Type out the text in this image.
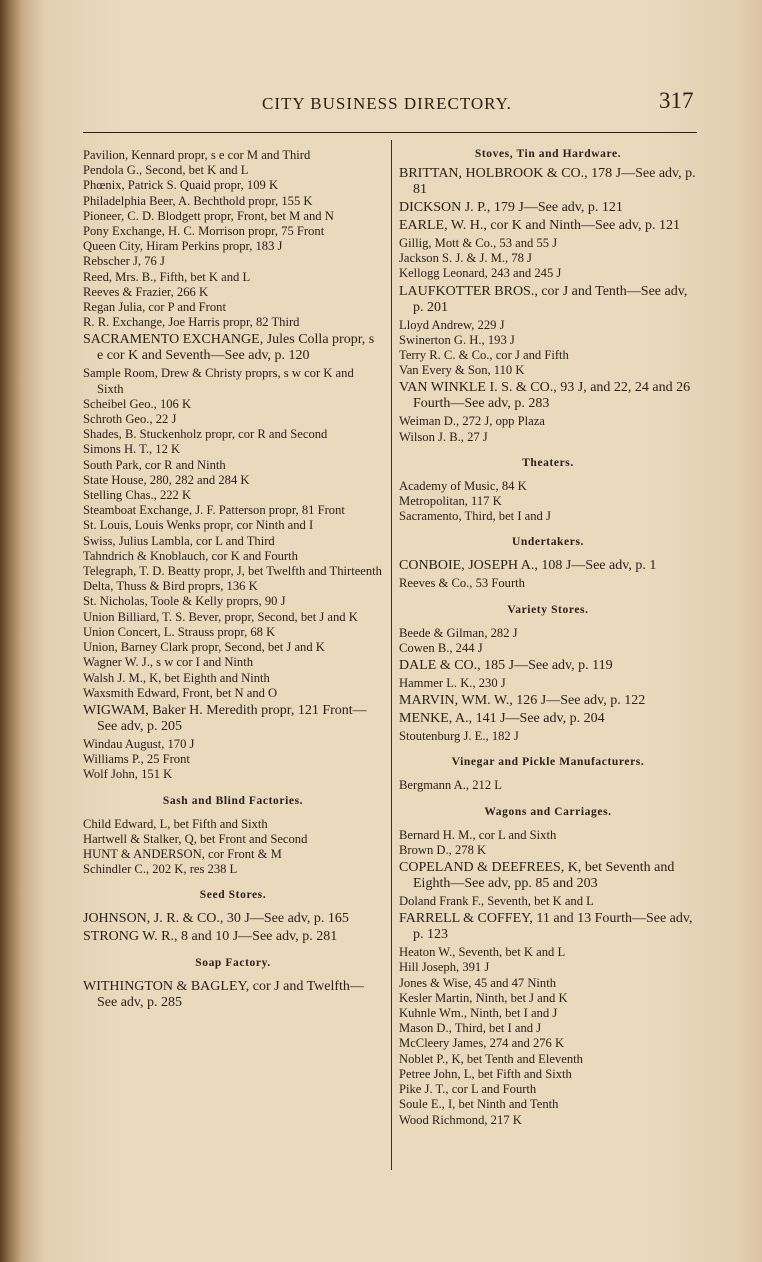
CITY BUSINESS DIRECTORY.	317
Pavilion, Kennard propr, s e cor M and Third
Pendola G., Second, bet K and L
Phœnix, Patrick S. Quaid propr, 109 K
Philadelphia Beer, A. Bechthold propr, 155 K
Pioneer, C. D. Blodgett propr, Front, bet M and N
Pony Exchange, H. C. Morrison propr, 75 Front
Queen City, Hiram Perkins propr, 183 J
Rebscher J, 76 J
Reed, Mrs. B., Fifth, bet K and L
Reeves & Frazier, 266 K
Regan Julia, cor P and Front
R. R. Exchange, Joe Harris propr, 82 Third
SACRAMENTO EXCHANGE, Jules Colla propr, s e cor K and Seventh—See adv, p. 120
Sample Room, Drew & Christy proprs, s w cor K and Sixth
Scheibel Geo., 106 K
Schroth Geo., 22 J
Shades, B. Stuckenholz propr, cor R and Second
Simons H. T., 12 K
South Park, cor R and Ninth
State House, 280, 282 and 284 K
Stelling Chas., 222 K
Steamboat Exchange, J. F. Patterson propr, 81 Front
St. Louis, Louis Wenks propr, cor Ninth and I
Swiss, Julius Lambla, cor L and Third
Tahndrich & Knoblauch, cor K and Fourth
Telegraph, T. D. Beatty propr, J, bet Twelfth and Thirteenth
Delta, Thuss & Bird proprs, 136 K
St. Nicholas, Toole & Kelly proprs, 90 J
Union Billiard, T. S. Bever, propr, Second, bet J and K
Union Concert, L. Strauss propr, 68 K
Union, Barney Clark propr, Second, bet J and K
Wagner W. J., s w cor I and Ninth
Walsh J. M., K, bet Eighth and Ninth
Waxsmith Edward, Front, bet N and O
WIGWAM, Baker H. Meredith propr, 121 Front—See adv, p. 205
Windau August, 170 J
Williams P., 25 Front
Wolf John, 151 K
Sash and Blind Factories.
Child Edward, L, bet Fifth and Sixth
Hartwell & Stalker, Q, bet Front and Second
HUNT & ANDERSON, cor Front & M
Schindler C., 202 K, res 238 L
Seed Stores.
JOHNSON, J. R. & CO., 30 J—See adv, p. 165
STRONG W. R., 8 and 10 J—See adv, p. 281
Soap Factory.
WITHINGTON & BAGLEY, cor J and Twelfth—See adv, p. 285
Stoves, Tin and Hardware.
BRITTAN, HOLBROOK & CO., 178 J—See adv, p. 81
DICKSON J. P., 179 J—See adv, p. 121
EARLE, W. H., cor K and Ninth—See adv, p. 121
Gillig, Mott & Co., 53 and 55 J
Jackson S. J. & J. M., 78 J
Kellogg Leonard, 243 and 245 J
LAUFKOTTER BROS., cor J and Tenth—See adv, p. 201
Lloyd Andrew, 229 J
Swinerton G. H., 193 J
Terry R. C. & Co., cor J and Fifth
Van Every & Son, 110 K
VAN WINKLE I. S. & CO., 93 J, and 22, 24 and 26 Fourth—See adv, p. 283
Weiman D., 272 J, opp Plaza
Wilson J. B., 27 J
Theaters.
Academy of Music, 84 K
Metropolitan, 117 K
Sacramento, Third, bet I and J
Undertakers.
CONBOIE, JOSEPH A., 108 J—See adv, p. 1
Reeves & Co., 53 Fourth
Variety Stores.
Beede & Gilman, 282 J
Cowen B., 244 J
DALE & CO., 185 J—See adv, p. 119
Hammer L. K., 230 J
MARVIN, WM. W., 126 J—See adv, p. 122
MENKE, A., 141 J—See adv, p. 204
Stoutenburg J. E., 182 J
Vinegar and Pickle Manufacturers.
Bergmann A., 212 L
Wagons and Carriages.
Bernard H. M., cor L and Sixth
Brown D., 278 K
COPELAND & DEEFREES, K, bet Seventh and Eighth—See adv, pp. 85 and 203
Doland Frank F., Seventh, bet K and L
FARRELL & COFFEY, 11 and 13 Fourth—See adv, p. 123
Heaton W., Seventh, bet K and L
Hill Joseph, 391 J
Jones & Wise, 45 and 47 Ninth
Kesler Martin, Ninth, bet J and K
Kuhnle Wm., Ninth, bet I and J
Mason D., Third, bet I and J
McCleery James, 274 and 276 K
Noblet P., K, bet Tenth and Eleventh
Petree John, L, bet Fifth and Sixth
Pike J. T., cor L and Fourth
Soule E., I, bet Ninth and Tenth
Wood Richmond, 217 K
